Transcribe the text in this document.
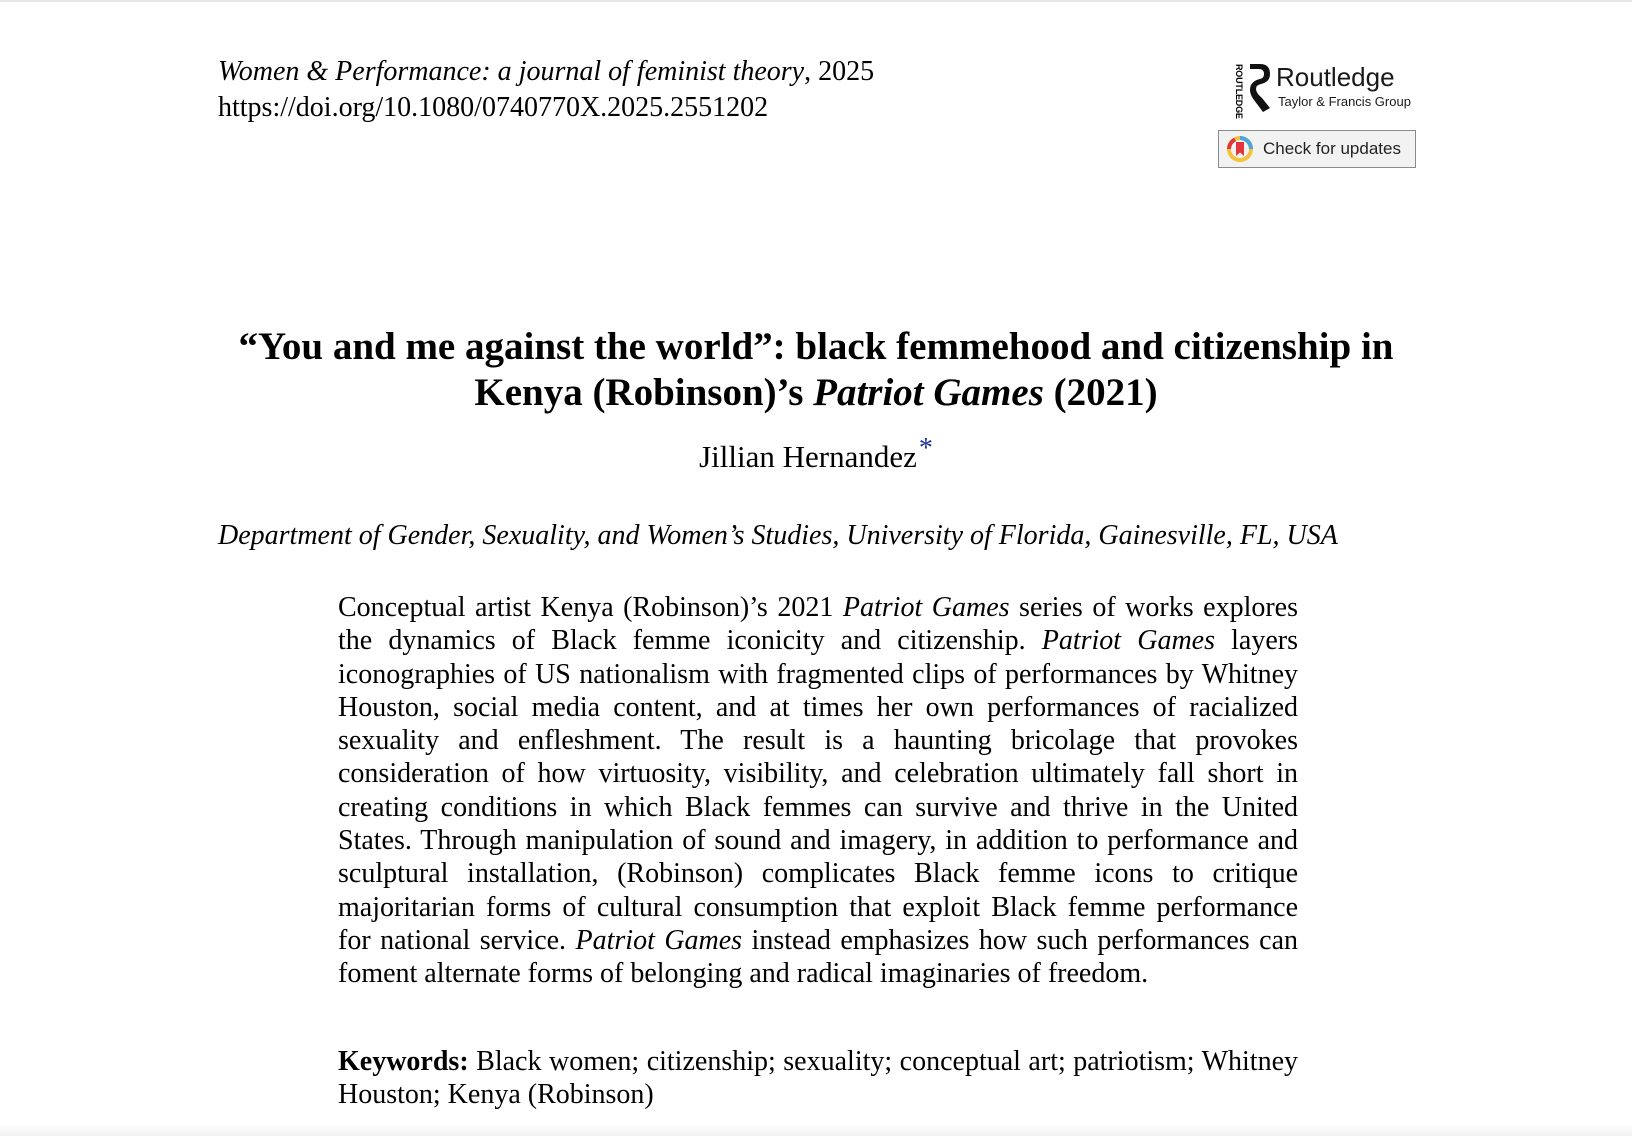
Women & Performance: a journal of feminist theory, 2025
https://doi.org/10.1080/0740770X.2025.2551202	ROUTLEDGE Routledge
Taylor & Francis Group
Check for updates
“You and me against the world”: black femmehood and citizenship in Kenya (Robinson)’s Patriot Games (2021)
Jillian Hernandez*
Department of Gender, Sexuality, and Women’s Studies, University of Florida, Gainesville, FL, USA

Conceptual artist Kenya (Robinson)’s 2021 Patriot Games series of works explores the dynamics of Black femme iconicity and citizenship. Patriot Games layers iconographies of US nationalism with fragmented clips of performances by Whitney Houston, social media content, and at times her own performances of racialized sexuality and enfleshment. The result is a haunting bricolage that provokes consideration of how virtuosity, visibility, and celebration ultimately fall short in creating conditions in which Black femmes can survive and thrive in the United States. Through manipulation of sound and imagery, in addition to performance and sculptural installation, (Robinson) complicates Black femme icons to critique majoritarian forms of cultural consumption that exploit Black femme performance for national service. Patriot Games instead emphasizes how such performances can foment alternate forms of belonging and radical imaginaries of freedom.

Keywords: Black women; citizenship; sexuality; conceptual art; patriotism; Whitney Houston; Kenya (Robinson)
